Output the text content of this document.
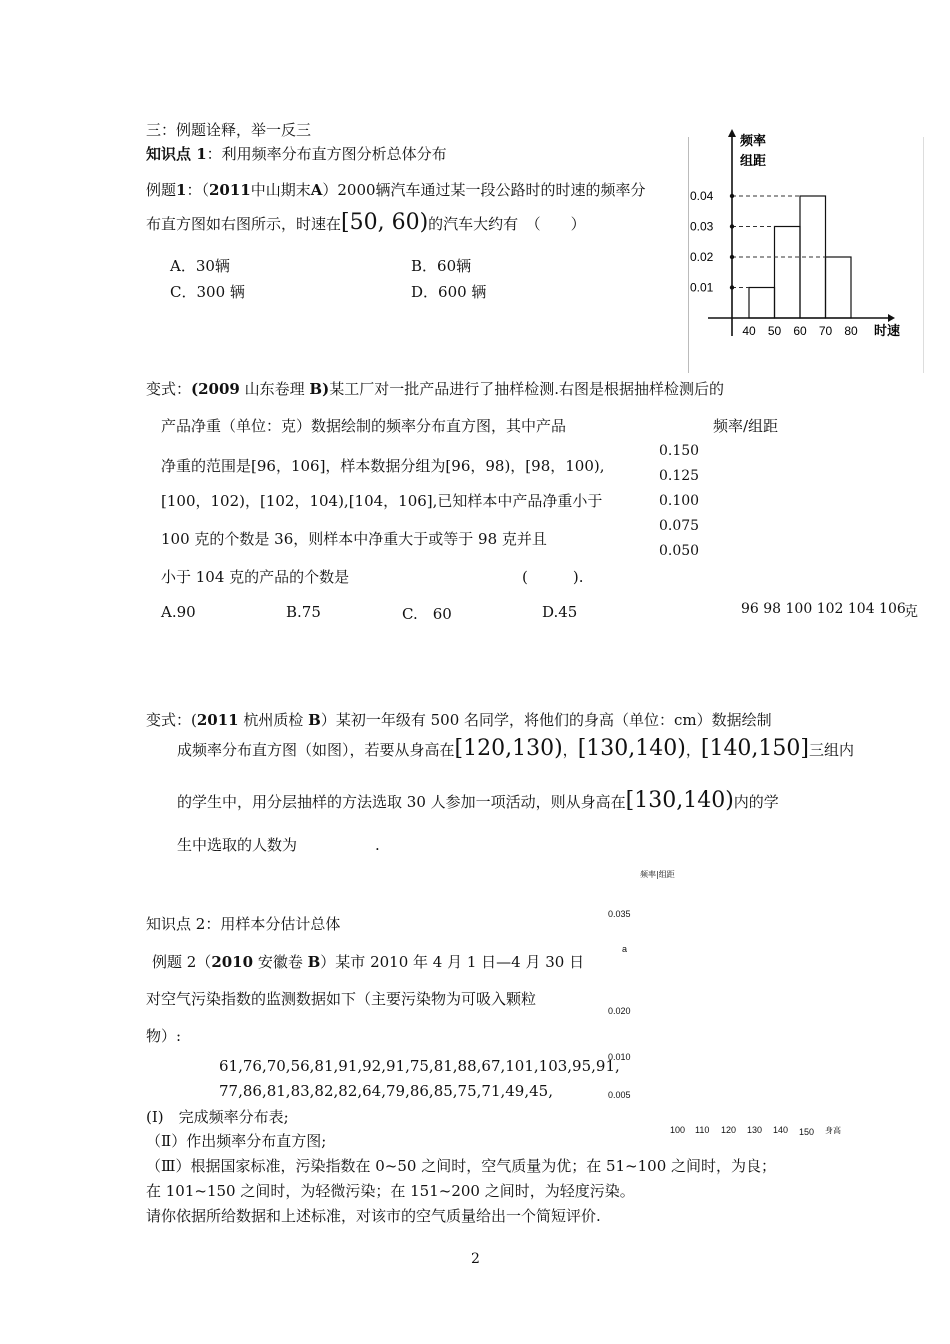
三：例题诠释，举一反三
知识点 1：利用频率分布直方图分析总体分布
例题1：（2011中山期末A）2000辆汽车通过某一段公路时的时速的频率分
布直方图如右图所示，时速在[50, 60)的汽车大约有　（　　）
A．30辆	B．60辆
C．300 辆	D．600 辆
0.04
0.03
0.02
0.01
40 50 60 70 80
频率
组距
时速
变式：(2009 山东卷理 B)某工厂对一批产品进行了抽样检测.右图是根据抽样检测后的
产品净重（单位：克）数据绘制的频率分布直方图，其中产品
净重的范围是[96，106]，样本数据分组为[96，98)，[98，100),
[100，102)，[102，104),[104，106],已知样本中产品净重小于
100 克的个数是 36，则样本中净重大于或等于 98 克并且
小于 104 克的产品的个数是	(　　　).
A.90	B.75	C.　60	D.45
频率/组距
0.150
0.125
0.100
0.075
0.050
96 98 100 102 104 106
克
变式：(2011 杭州质检 B）某初一年级有 500 名同学，将他们的身高（单位：cm）数据绘制
成频率分布直方图（如图），若要从身高在[120,130)，[130,140)，[140,150]三组内
的学生中，用分层抽样的方法选取 30 人参加一项活动，则从身高在[130,140)内的学
生中选取的人数为	.
频率|组距
0.035
a
0.020
0.010
0.005
100 110 120 130 140 150 身高
知识点 2：用样本分估计总体
例题 2（2010 安徽卷 B）某市 2010 年 4 月 1 日—4 月 30 日
对空气污染指数的监测数据如下（主要污染物为可吸入颗粒
物）:
61,76,70,56,81,91,92,91,75,81,88,67,101,103,95,91,
77,86,81,83,82,82,64,79,86,85,75,71,49,45,
(Ⅰ)　完成频率分布表;
（Ⅱ）作出频率分布直方图;
（Ⅲ）根据国家标准，污染指数在 0~50 之间时，空气质量为优；在 51~100 之间时，为良；
在 101~150 之间时，为轻微污染；在 151~200 之间时，为轻度污染。
请你依据所给数据和上述标准，对该市的空气质量给出一个简短评价.
2
